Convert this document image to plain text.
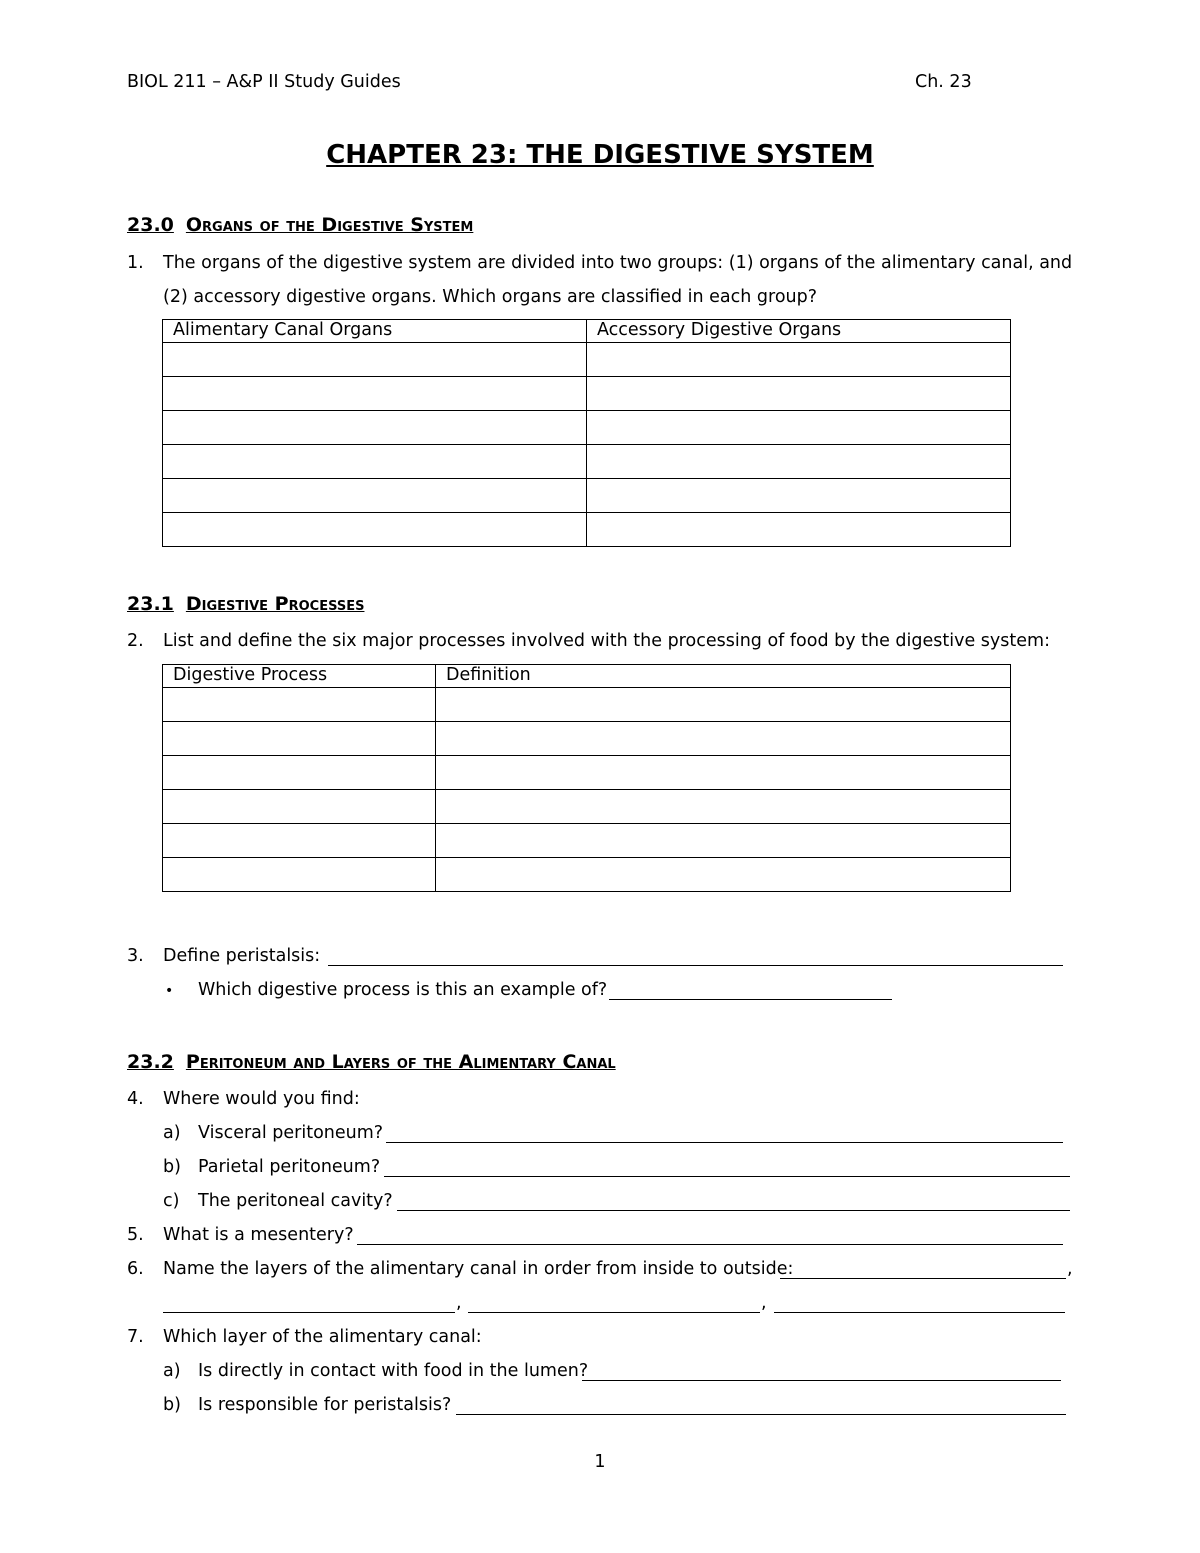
BIOL 211 – A&P II Study Guides	Ch. 23
CHAPTER 23: THE DIGESTIVE SYSTEM
23.0 Organs of the Digestive System
1. The organs of the digestive system are divided into two groups: (1) organs of the alimentary canal, and
(2) accessory digestive organs. Which organs are classified in each group?
Alimentary Canal Organs	Accessory Digestive Organs

23.1 Digestive Processes
2. List and define the six major processes involved with the processing of food by the digestive system:
Digestive Process	Definition

3. Define peristalsis:
• Which digestive process is this an example of?
23.2 Peritoneum and Layers of the Alimentary Canal
4. Where would you find:
a) Visceral peritoneum?
b) Parietal peritoneum?
c) The peritoneal cavity?
5. What is a mesentery?
6. Name the layers of the alimentary canal in order from inside to outside:	,
,	,
7. Which layer of the alimentary canal:
a) Is directly in contact with food in the lumen?
b) Is responsible for peristalsis?
1
